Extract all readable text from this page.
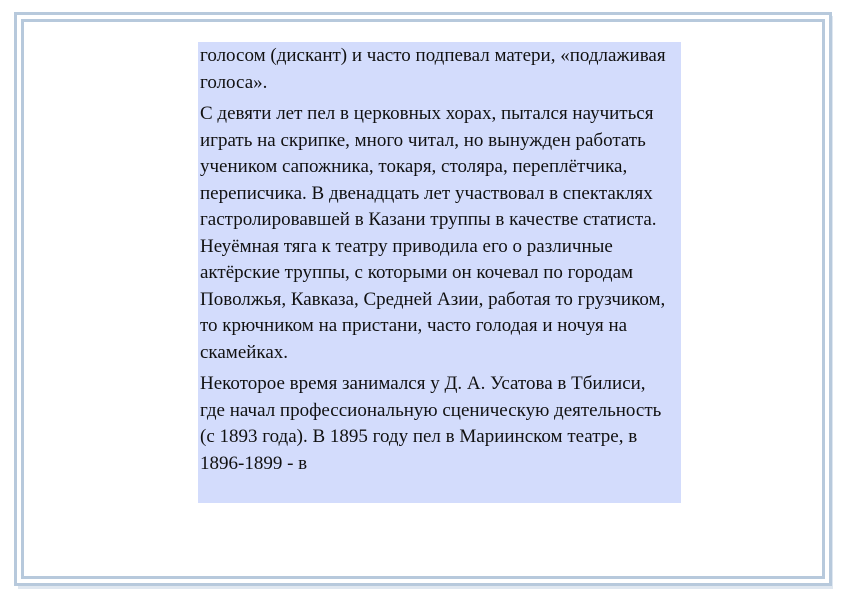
голосом (дискант) и часто подпевал матери, «подлаживая голоса».

С девяти лет пел в церковных хорах, пытался научиться играть на скрипке, много читал, но вынужден работать учеником сапожника, токаря, столяра, переплётчика, переписчика. В двенадцать лет участвовал в спектаклях гастролировавшей в Казани труппы в качестве статиста. Неуёмная тяга к театру приводила его о различные актёрские труппы, с которыми он кочевал по городам Поволжья, Кавказа, Средней Азии, работая то грузчиком, то крючником на пристани, часто голодая и ночуя на скамейках.

Некоторое время занимался у Д. А. Усатова в Тбилиси, где начал профессиональную сценическую деятельность (с 1893 года). В 1895 году пел в Мариинском театре, в 1896-1899 - в
